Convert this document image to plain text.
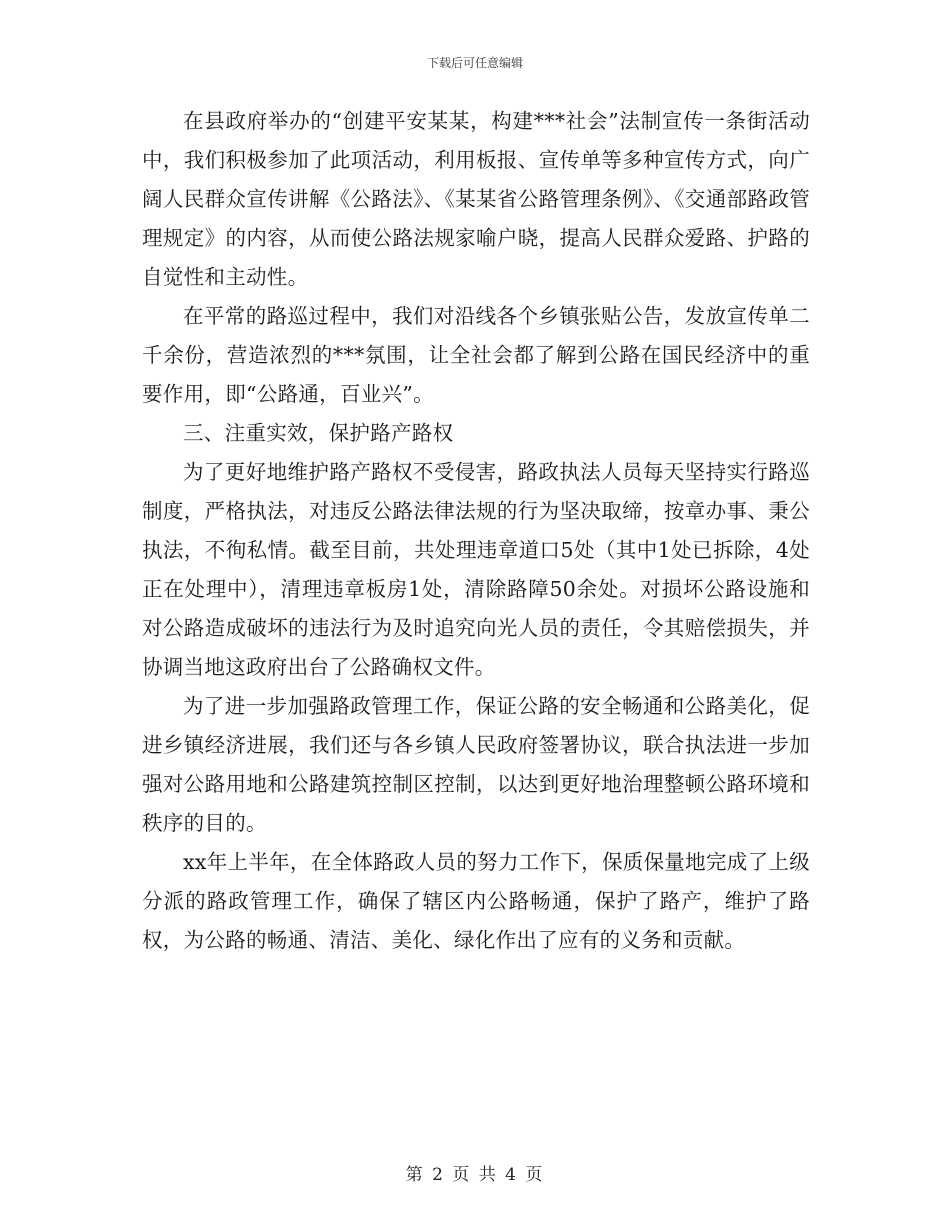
下载后可任意编辑

在县政府举办的“创建平安某某，构建***社会”法制宣传一条街活动中，我们积极参加了此项活动，利用板报、宣传单等多种宣传方式，向广阔人民群众宣传讲解《公路法》、《某某省公路管理条例》、《交通部路政管理规定》的内容，从而使公路法规家喻户晓，提高人民群众爱路、护路的自觉性和主动性。

在平常的路巡过程中，我们对沿线各个乡镇张贴公告，发放宣传单二千余份，营造浓烈的***氛围，让全社会都了解到公路在国民经济中的重要作用，即“公路通，百业兴”。

三、注重实效，保护路产路权

为了更好地维护路产路权不受侵害，路政执法人员每天坚持实行路巡制度，严格执法，对违反公路法律法规的行为坚决取缔，按章办事、秉公执法，不徇私情。截至目前，共处理违章道口5处（其中1处已拆除，4处正在处理中），清理违章板房1处，清除路障50余处。对损坏公路设施和对公路造成破坏的违法行为及时追究向光人员的责任，令其赔偿损失，并协调当地这政府出台了公路确权文件。

为了进一步加强路政管理工作，保证公路的安全畅通和公路美化，促进乡镇经济进展，我们还与各乡镇人民政府签署协议，联合执法进一步加强对公路用地和公路建筑控制区控制，以达到更好地治理整顿公路环境和秩序的目的。

xx年上半年，在全体路政人员的努力工作下，保质保量地完成了上级分派的路政管理工作，确保了辖区内公路畅通，保护了路产，维护了路权，为公路的畅通、清洁、美化、绿化作出了应有的义务和贡献。

第 2 页 共 4 页
